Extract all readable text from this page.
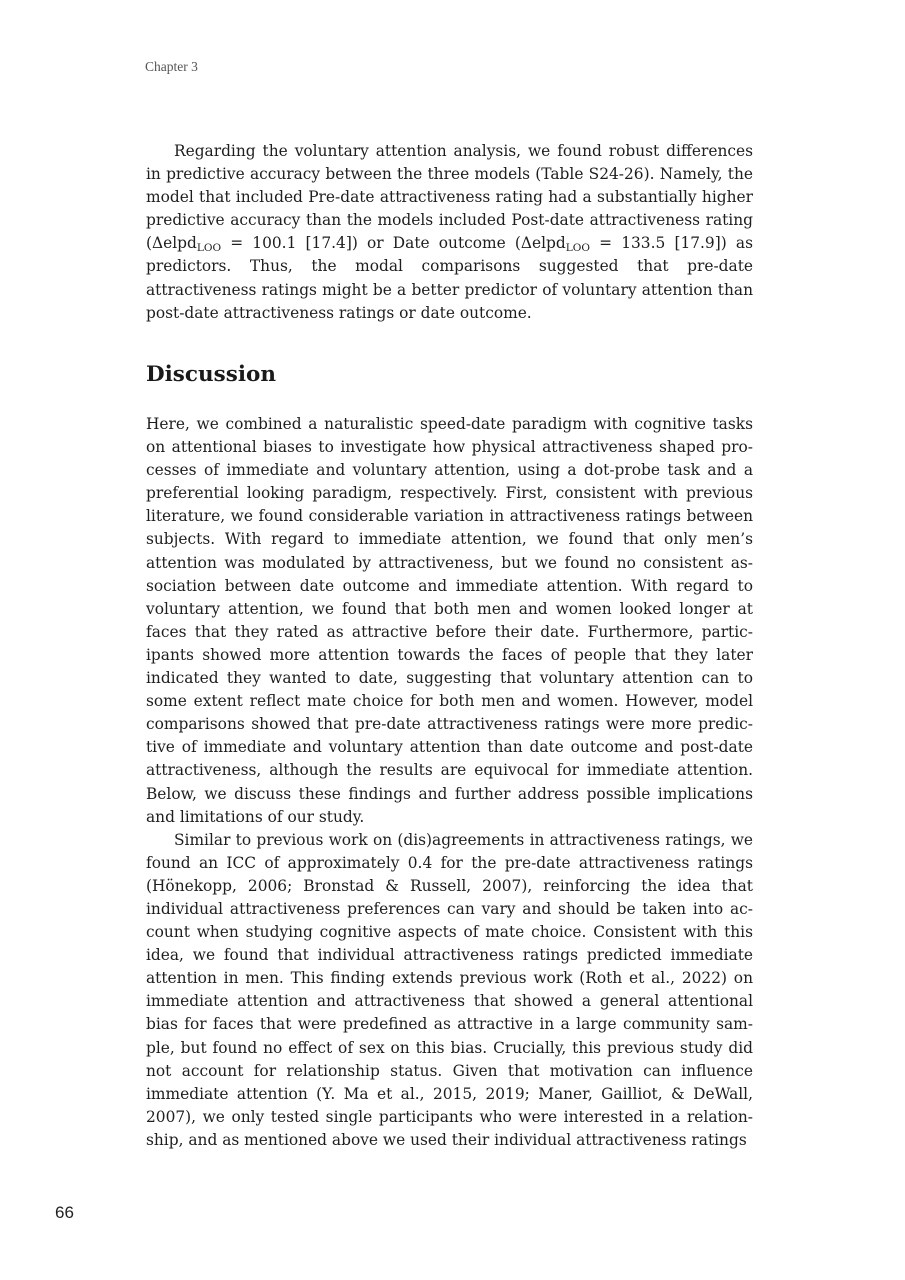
Chapter 3

Regarding the voluntary attention analysis, we found robust differences in predictive accuracy between the three models (Table S24-26). Namely, the model that included Pre-date attractiveness rating had a substantially higher predictive accuracy than the models included Post-date attractiveness rating (Δelpd$_{LOO}$ = 100.1 [17.4]) or Date outcome (Δelpd$_{LOO}$ = 133.5 [17.9]) as predictors. Thus, the modal comparisons suggested that pre-date attractiveness ratings might be a better predictor of voluntary attention than post-date attractiveness ratings or date outcome.

Discussion

Here, we combined a naturalistic speed-date paradigm with cognitive tasks on attentional biases to investigate how physical attractiveness shaped processes of immediate and voluntary attention, using a dot-probe task and a preferential looking paradigm, respectively. First, consistent with previous literature, we found considerable variation in attractiveness ratings between subjects. With regard to immediate attention, we found that only men’s attention was modulated by attractiveness, but we found no consistent association between date outcome and immediate attention. With regard to voluntary attention, we found that both men and women looked longer at faces that they rated as attractive before their date. Furthermore, participants showed more attention towards the faces of people that they later indicated they wanted to date, suggesting that voluntary attention can to some extent reflect mate choice for both men and women. However, model comparisons showed that pre-date attractiveness ratings were more predictive of immediate and voluntary attention than date outcome and post-date attractiveness, although the results are equivocal for immediate attention. Below, we discuss these findings and further address possible implications and limitations of our study.

Similar to previous work on (dis)agreements in attractiveness ratings, we found an ICC of approximately 0.4 for the pre-date attractiveness ratings (Hönekopp, 2006; Bronstad & Russell, 2007), reinforcing the idea that individual attractiveness preferences can vary and should be taken into account when studying cognitive aspects of mate choice. Consistent with this idea, we found that individual attractiveness ratings predicted immediate attention in men. This finding extends previous work (Roth et al., 2022) on immediate attention and attractiveness that showed a general attentional bias for faces that were predefined as attractive in a large community sample, but found no effect of sex on this bias. Crucially, this previous study did not account for relationship status. Given that motivation can influence immediate attention (Y. Ma et al., 2015, 2019; Maner, Gailliot, & DeWall, 2007), we only tested single participants who were interested in a relationship, and as mentioned above we used their individual attractiveness ratings

66
